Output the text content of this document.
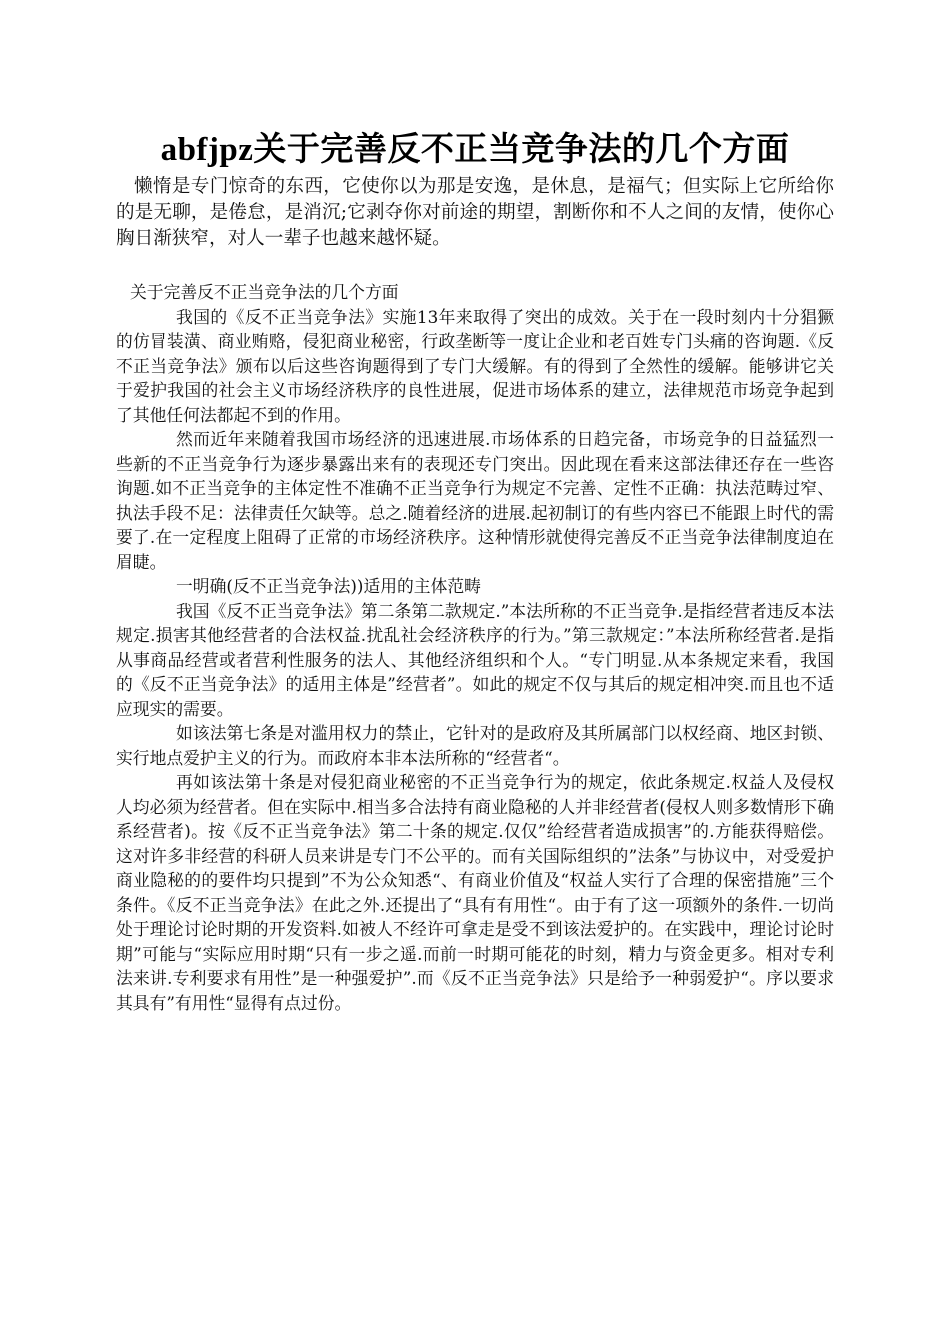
abfjpz关于完善反不正当竞争法的几个方面

懒惰是专门惊奇的东西，它使你以为那是安逸，是休息，是福气；但实际上它所给你的是无聊，是倦怠，是消沉;它剥夺你对前途的期望，割断你和不人之间的友情，使你心胸日渐狭窄，对人一辈子也越来越怀疑。

关于完善反不正当竞争法的几个方面

我国的《反不正当竞争法》实施13年来取得了突出的成效。关于在一段时刻内十分猖獗的仿冒装潢、商业贿赂，侵犯商业秘密，行政垄断等一度让企业和老百姓专门头痛的咨询题.《反不正当竞争法》颁布以后这些咨询题得到了专门大缓解。有的得到了全然性的缓解。能够讲它关于爱护我国的社会主义市场经济秩序的良性进展，促进市场体系的建立，法律规范市场竞争起到了其他任何法都起不到的作用。

然而近年来随着我国市场经济的迅速进展.市场体系的日趋完备，市场竞争的日益猛烈一些新的不正当竞争行为逐步暴露出来有的表现还专门突出。因此现在看来这部法律还存在一些咨询题.如不正当竞争的主体定性不准确不正当竞争行为规定不完善、定性不正确：执法范畴过窄、执法手段不足：法律责任欠缺等。总之.随着经济的进展.起初制订的有些内容已不能跟上时代的需要了.在一定程度上阻碍了正常的市场经济秩序。这种情形就使得完善反不正当竞争法律制度迫在眉睫。

一明确(反不正当竞争法))适用的主体范畴

我国《反不正当竞争法》第二条第二款规定.”本法所称的不正当竞争.是指经营者违反本法规定.损害其他经营者的合法权益.扰乱社会经济秩序的行为。”第三款规定：”本法所称经营者.是指从事商品经营或者营利性服务的法人、其他经济组织和个人。“专门明显.从本条规定来看，我国的《反不正当竞争法》的适用主体是”经营者”。如此的规定不仅与其后的规定相冲突.而且也不适应现实的需要。

如该法第七条是对滥用权力的禁止，它针对的是政府及其所属部门以权经商、地区封锁、实行地点爱护主义的行为。而政府本非本法所称的“经营者“。

再如该法第十条是对侵犯商业秘密的不正当竞争行为的规定，依此条规定.权益人及侵权人均必须为经营者。但在实际中.相当多合法持有商业隐秘的人并非经营者(侵权人则多数情形下确系经营者)。按《反不正当竞争法》第二十条的规定.仅仅”给经营者造成损害”的.方能获得赔偿。这对许多非经营的科研人员来讲是专门不公平的。而有关国际组织的”法条”与协议中，对受爱护商业隐秘的的要件均只提到”不为公众知悉“、有商业价值及“权益人实行了合理的保密措施”三个条件。《反不正当竞争法》在此之外.还提出了“具有有用性“。由于有了这一项额外的条件.一切尚处于理论讨论时期的开发资料.如被人不经许可拿走是受不到该法爱护的。在实践中，理论讨论时期”可能与“实际应用时期“只有一步之遥.而前一时期可能花的时刻，精力与资金更多。相对专利法来讲.专利要求有用性”是一种强爱护”.而《反不正当竞争法》只是给予一种弱爱护“。序以要求其具有”有用性“显得有点过份。
